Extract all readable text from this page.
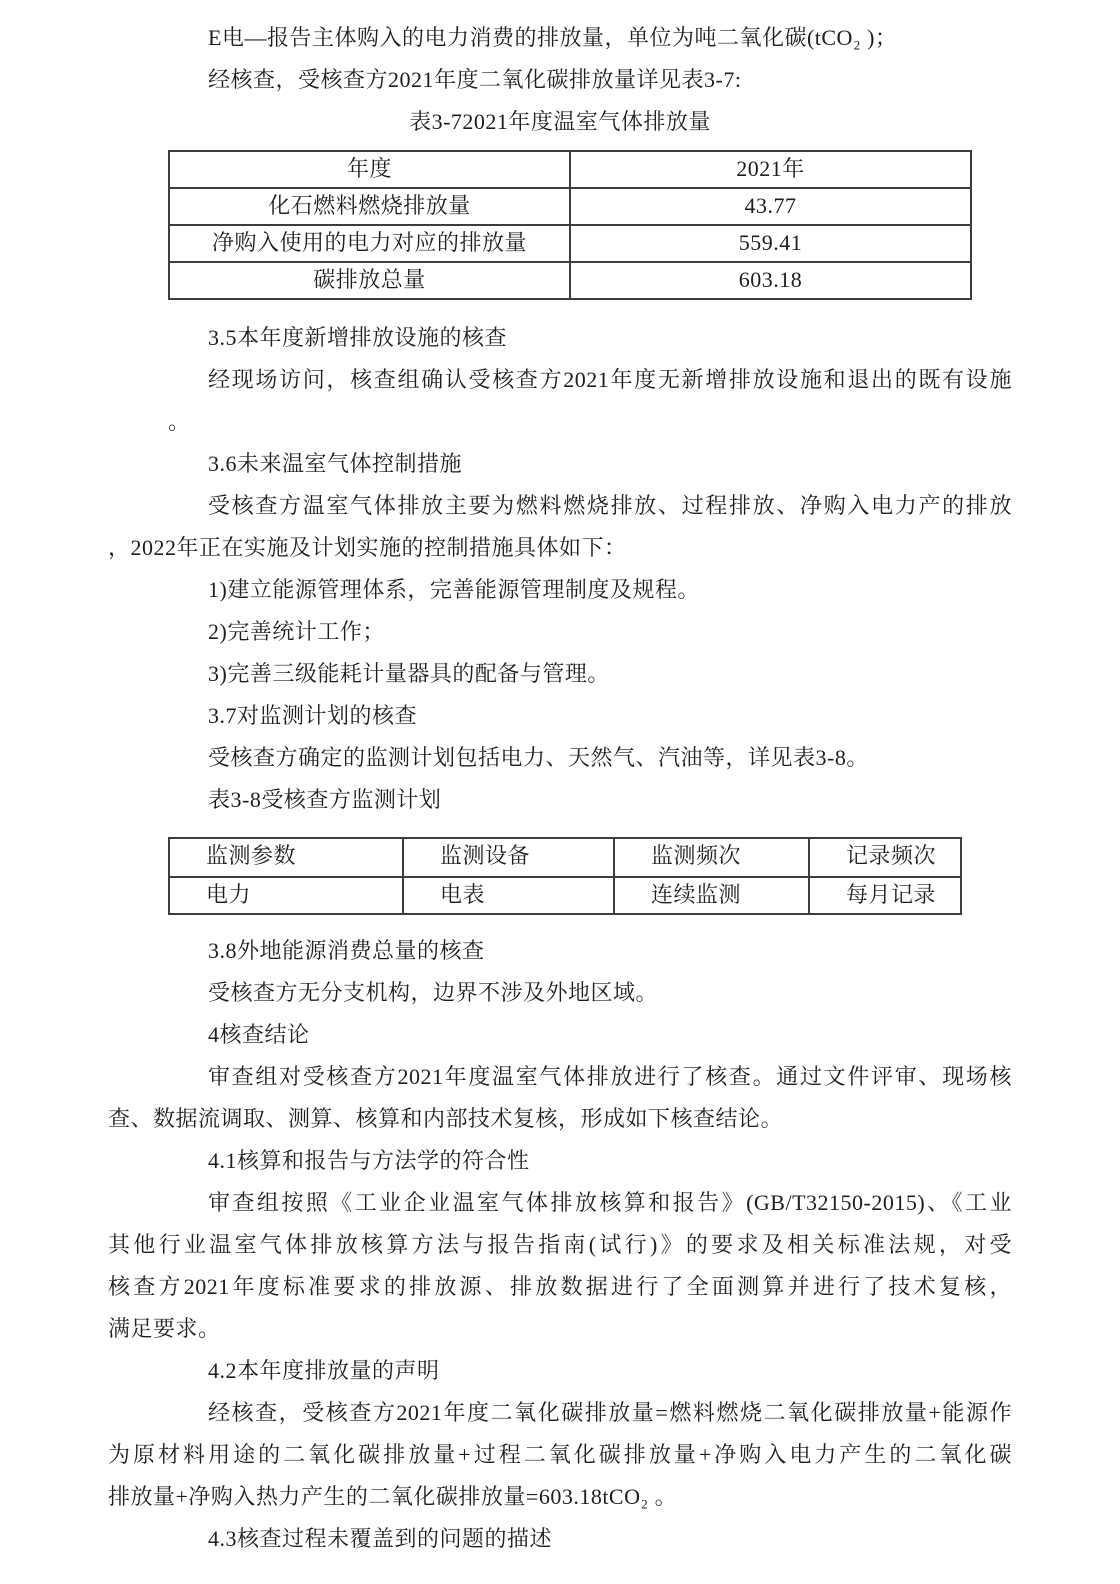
E电—报告主体购入的电力消费的排放量，单位为吨二氧化碳(tCO₂ )；
经核查，受核查方2021年度二氧化碳排放量详见表3-7:
表3-72021年度温室气体排放量
年度	2021年
化石燃料燃烧排放量	43.77
净购入使用的电力对应的排放量	559.41
碳排放总量	603.18
3.5本年度新增排放设施的核查
经现场访问，核查组确认受核查方2021年度无新增排放设施和退出的既有设施
。
3.6未来温室气体控制措施
受核查方温室气体排放主要为燃料燃烧排放、过程排放、净购入电力产的排放
，2022年正在实施及计划实施的控制措施具体如下：
1)建立能源管理体系，完善能源管理制度及规程。
2)完善统计工作；
3)完善三级能耗计量器具的配备与管理。
3.7对监测计划的核查
受核查方确定的监测计划包括电力、天然气、汽油等，详见表3-8。
表3-8受核查方监测计划
监测参数	监测设备	监测频次	记录频次
电力	电表	连续监测	每月记录
3.8外地能源消费总量的核查
受核查方无分支机构，边界不涉及外地区域。
4核查结论
审查组对受核查方2021年度温室气体排放进行了核查。通过文件评审、现场核
查、数据流调取、测算、核算和内部技术复核，形成如下核查结论。
4.1核算和报告与方法学的符合性
审查组按照《工业企业温室气体排放核算和报告》(GB/T32150-2015)、《工业
其他行业温室气体排放核算方法与报告指南(试行)》的要求及相关标准法规，对受
核查方2021年度标准要求的排放源、排放数据进行了全面测算并进行了技术复核，
满足要求。
4.2本年度排放量的声明
经核查，受核查方2021年度二氧化碳排放量=燃料燃烧二氧化碳排放量+能源作
为原材料用途的二氧化碳排放量+过程二氧化碳排放量+净购入电力产生的二氧化碳
排放量+净购入热力产生的二氧化碳排放量=603.18tCO₂ 。
4.3核查过程未覆盖到的问题的描述
